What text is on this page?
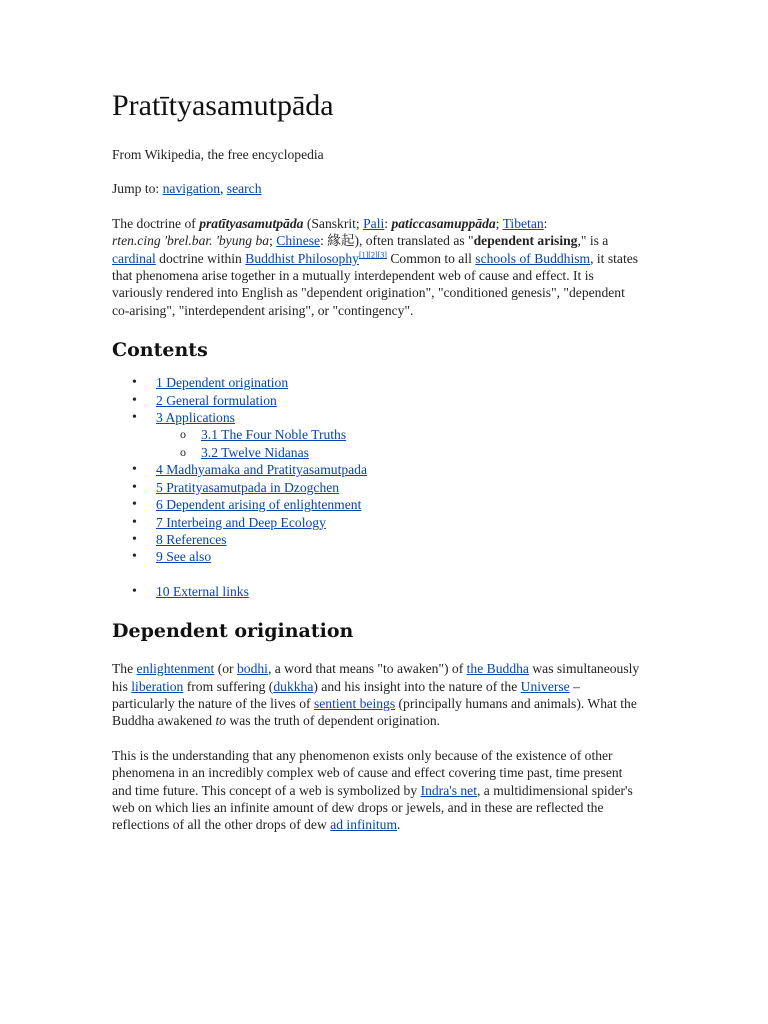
Pratītyasamutpāda

From Wikipedia, the free encyclopedia

Jump to: navigation, search

The doctrine of pratītyasamutpāda (Sanskrit; Pali: paticcasamuppāda; Tibetan:
rten.cing 'brel.bar. 'byung ba; Chinese: 緣起), often translated as "dependent arising," is a cardinal doctrine within Buddhist Philosophy[1][2][3] Common to all schools of Buddhism, it states that phenomena arise together in a mutually interdependent web of cause and effect. It is variously rendered into English as "dependent origination", "conditioned genesis", "dependent co-arising", "interdependent arising", or "contingency".

Contents
• 1 Dependent origination
• 2 General formulation
• 3 Applications
o 3.1 The Four Noble Truths
o 3.2 Twelve Nidanas
• 4 Madhyamaka and Pratityasamutpada
• 5 Pratityasamutpada in Dzogchen
• 6 Dependent arising of enlightenment
• 7 Interbeing and Deep Ecology
• 8 References
• 9 See also
• 10 External links
Dependent origination

The enlightenment (or bodhi, a word that means "to awaken") of the Buddha was simultaneously his liberation from suffering (dukkha) and his insight into the nature of the Universe – particularly the nature of the lives of sentient beings (principally humans and animals). What the Buddha awakened to was the truth of dependent origination.

This is the understanding that any phenomenon exists only because of the existence of other phenomena in an incredibly complex web of cause and effect covering time past, time present and time future. This concept of a web is symbolized by Indra's net, a multidimensional spider's web on which lies an infinite amount of dew drops or jewels, and in these are reflected the reflections of all the other drops of dew ad infinitum.
